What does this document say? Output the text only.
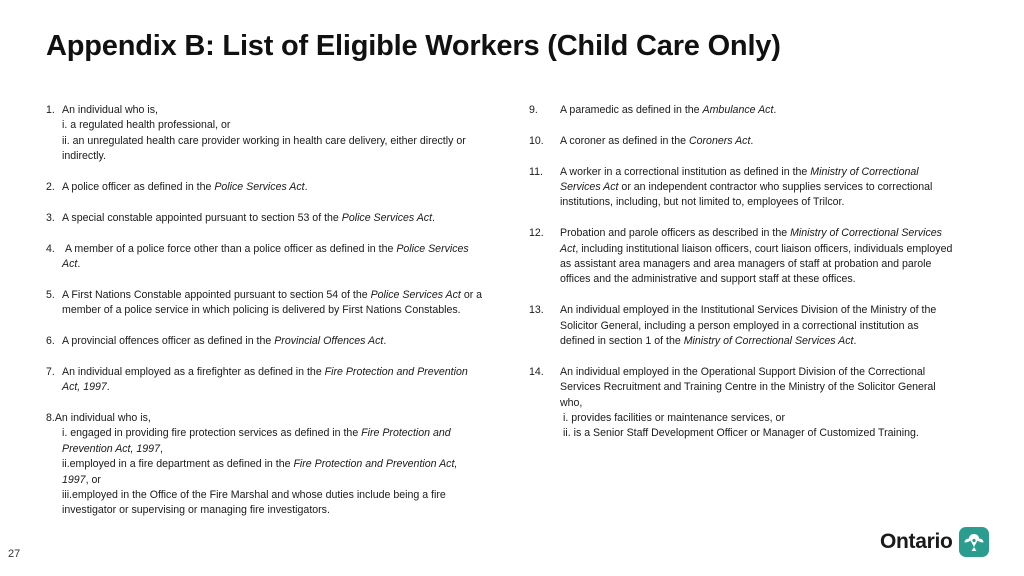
Appendix B: List of Eligible Workers (Child Care Only)
1. An individual who is,
i. a regulated health professional, or
ii. an unregulated health care provider working in health care delivery, either directly or indirectly.
2. A police officer as defined in the Police Services Act.
3. A special constable appointed pursuant to section 53 of the Police Services Act.
4. A member of a police force other than a police officer as defined in the Police Services Act.
5. A First Nations Constable appointed pursuant to section 54 of the Police Services Act or a member of a police service in which policing is delivered by First Nations Constables.
6. A provincial offences officer as defined in the Provincial Offences Act.
7. An individual employed as a firefighter as defined in the Fire Protection and Prevention Act, 1997.
8.An individual who is,
i. engaged in providing fire protection services as defined in the Fire Protection and Prevention Act, 1997,
ii.employed in a fire department as defined in the Fire Protection and Prevention Act, 1997, or
iii.employed in the Office of the Fire Marshal and whose duties include being a fire investigator or supervising or managing fire investigators.
9.	A paramedic as defined in the Ambulance Act.
10.	A coroner as defined in the Coroners Act.
11.	A worker in a correctional institution as defined in the Ministry of Correctional Services Act or an independent contractor who supplies services to correctional institutions, including, but not limited to, employees of Trilcor.
12.	Probation and parole officers as described in the Ministry of Correctional Services Act, including institutional liaison officers, court liaison officers, individuals employed as assistant area managers and area managers of staff at probation and parole offices and the administrative and support staff at these offices.
13.	An individual employed in the Institutional Services Division of the Ministry of the Solicitor General, including a person employed in a correctional institution as defined in section 1 of the Ministry of Correctional Services Act.
14.	An individual employed in the Operational Support Division of the Correctional Services Recruitment and Training Centre in the Ministry of the Solicitor General who,
i. provides facilities or maintenance services, or
ii. is a Senior Staff Development Officer or Manager of Customized Training.
27
Ontario
